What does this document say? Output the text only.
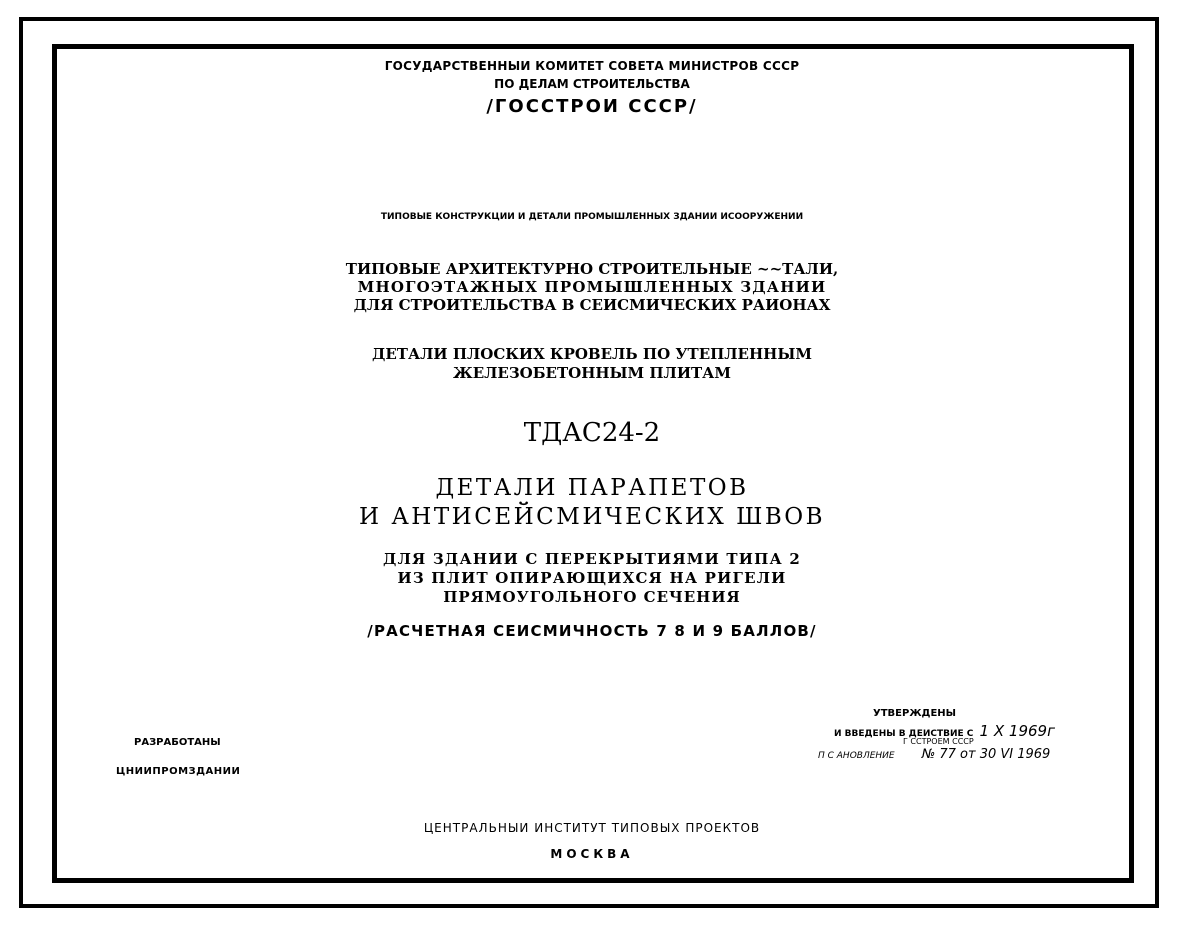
ГОСУДАРСТВЕННЫИ КОМИТЕТ СОВЕТА МИНИСТРОВ СССР
ПО ДЕЛАМ СТРОИТЕЛЬСТВА
/ГОССТРОИ СССР/
ТИПОВЫЕ КОНСТРУКЦИИ И ДЕТАЛИ ПРОМЫШЛЕННЫХ ЗДАНИИ ИСООРУЖЕНИИ
ТИПОВЫЕ АРХИТЕКТУРНО СТРОИТЕЛЬНЫЕ ~~ТАЛИ,
МНОГОЭТАЖНЫХ ПРОМЫШЛЕННЫХ ЗДАНИИ
ДЛЯ СТРОИТЕЛЬСТВА В СЕИСМИЧЕСКИХ РАИОНАХ
ДЕТАЛИ ПЛОСКИХ КРОВЕЛЬ ПО УТЕПЛЕННЫМ
ЖЕЛЕЗОБЕТОННЫМ ПЛИТАМ
ТДАС24-2
ДЕТАЛИ ПАРАПЕТОВ
И АНТИСЕЙСМИЧЕСКИХ ШВОВ
ДЛЯ ЗДАНИИ С ПЕРЕКРЫТИЯМИ ТИПА 2
ИЗ ПЛИТ ОПИРАЮЩИХСЯ НА РИГЕЛИ
ПРЯМОУГОЛЬНОГО СЕЧЕНИЯ
/РАСЧЕТНАЯ СЕИСМИЧНОСТЬ 7 8 И 9 БАЛЛОВ/
УТВЕРЖДЕНЫ
И ВВЕДЕНЫ В ДЕИСТВИЕ С 1 Х 1969г
Г ССТРОЕМ СССР
П С АНОВЛЕНИЕ № 77 от 30 VI 1969
РАЗРАБОТАНЫ
ЦНИИПРОМЗДАНИИ
ЦЕНТРАЛЬНЫИ ИНСТИТУТ ТИПОВЫХ ПРОЕКТОВ
МОСКВА
